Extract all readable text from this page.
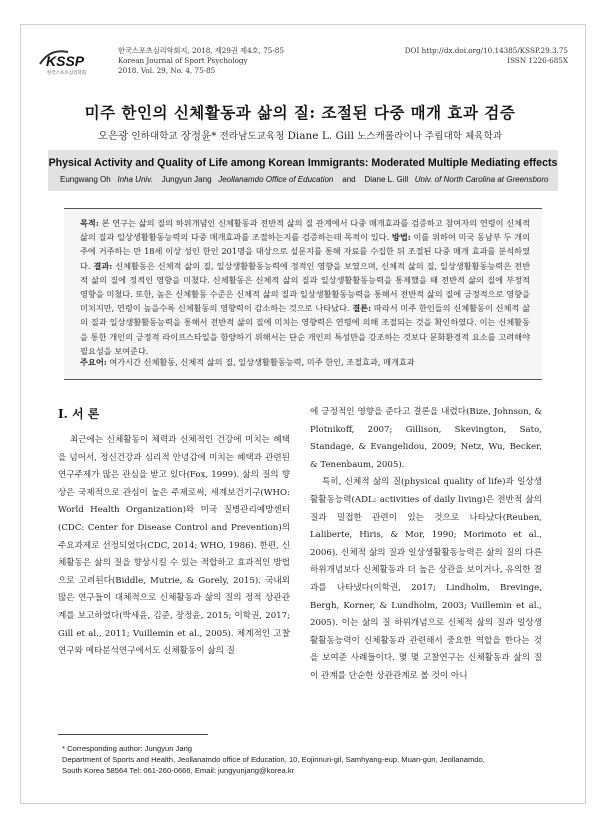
KSSP
한국스포츠심리학회
한국스포츠심리학회지, 2018, 제29권 제4호, 75-85
Korean Journal of Sport Psychology
2018. Vol. 29, No. 4, 75-85
DOI http://dx.doi.org/10.14385/KSSP.29.3.75
ISSN 1226-685X
미주 한인의 신체활동과 삶의 질: 조절된 다중 매개 효과 검증
오은광 인하대학교 장정윤* 전라남도교육청 Diane L. Gill 노스캐롤라이나 주립대학 체육학과
Physical Activity and Quality of Life among Korean Immigrants: Moderated Multiple Mediating effects
Eungwang Oh Inha Univ. Jungyun Jang Jeollanamdo Office of Education and Diane L. Gill Univ. of North Carolina at Greensboro
목적: 본 연구는 삶의 질의 하위개념인 신체활동과 전반적 삶의 질 관계에서 다중 매개효과를 검증하고 참여자의 연령이 신체적 삶의 질과 일상생활활동능력의 다중 매개효과를 조절하는지를 검증하는데 목적이 있다. 방법: 이를 위하여 미국 동남부 두 개의 주에 거주하는 만 18세 이상 성인 한인 201명을 대상으로 설문지를 통해 자료를 수집한 뒤 조절된 다중 매개 효과를 분석하였다. 결과: 신체활동은 신체적 삶의 질, 일상생활활동능력에 정적인 영향을 보였으며, 신체적 삶의 질, 일상생활활동능력은 전반적 삶의 질에 정적인 영향을 미쳤다. 신체활동은 신체적 삶의 질과 일상생활활동능력을 통제했을 때 전반적 삶의 질에 부정적 영향을 미쳤다. 또한, 높은 신체활동 수준은 신체적 삶의 질과 일상생활활동능력을 통해서 전반적 삶의 질에 긍정적으로 영향을 미치지만, 연령이 높을수록 신체활동의 영향력이 감소하는 것으로 나타났다. 결론: 따라서 미주 한인들의 신체활동이 신체적 삶의 질과 일상생활활동능력을 통해서 전반적 삶의 질에 미치는 영향력은 연령에 의해 조절되는 것을 확인하였다. 이는 신체활동을 통한 개인의 긍정적 라이프스타일을 함양하기 위해서는 단순 개인의 특성만을 강조하는 것보다 문화환경적 요소를 고려해야 필요성을 보여준다.
주요어: 여가시간 신체활동, 신체적 삶의 질, 일상생활활동능력, 미주 한인, 조절효과, 매개효과
I. 서 론

최근에는 신체활동이 체력과 신체적인 건강에 미치는 혜택을 넘어서, 정신건강과 심리적 안녕감에 미치는 혜택과 관련된 연구주제가 많은 관심을 받고 있다(Fox, 1999). 삶의 질의 향상은 국제적으로 관심이 높은 주제로써, 세계보건기구(WHO: World Health Organization)와 미국 질병관리예방센터(CDC: Center for Disease Control and Prevention)의 주요과제로 선정되었다(CDC, 2014; WHO, 1986). 한편, 신체활동은 삶의 질을 향상시킬 수 있는 적합하고 효과적인 방법으로 고려된다(Biddle, Mutrie, & Gorely, 2015). 국내외 많은 연구들이 대체적으로 신체활동과 삶의 질의 정적 상관관계를 보고하였다(박세윤, 김준, 장정윤, 2015; 이학권, 2017; Gill et al., 2011; Vuillemin et al., 2005). 체계적인 고찰연구와 메타분석연구에서도 신체활동이 삶의 질

에 긍정적인 영향을 준다고 결론을 내렸다(Bize, Johnson, & Plotnikoff, 2007; Gillison, Skevington, Sato, Standage, & Evangelidou, 2009; Netz, Wu, Becker, & Tenenbaum, 2005).

특히, 신체적 삶의 질(physical quality of life)과 일상생활활동능력(ADL: activities of daily living)은 전반적 삶의 질과 밀접한 관련이 있는 것으로 나타났다(Reuben, Laliberte, Hiris, & Mor, 1990; Morimoto et al., 2006). 신체적 삶의 질과 일상생활활동능력은 삶의 질의 다른 하위개념보다 신체활동과 더 높은 상관을 보이거나, 유의한 결과를 나타냈다(이학권, 2017; Lindholm, Brevinge, Bergh, Korner, & Lundholm, 2003; Vuillemin et al., 2005). 이는 삶의 질 하위개념으로 신체적 삶의 질과 일상생활활동능력이 신체활동과 관련해서 중요한 역할을 한다는 것을 보여준 사례들이다. 몇 몇 고찰연구는 신체활동과 삶의 질이 관계를 단순한 상관관계로 볼 것이 아니

* Corresponding author: Jungyun Jang
Department of Sports and Health, Jeollanamdo office of Education, 10, Eojinnuri-gil, Samhyang-eup, Muan-gun, Jeollanamdo,
South Korea 58564 Tel: 061-260-0666, Email: jungyunjang@korea.kr
